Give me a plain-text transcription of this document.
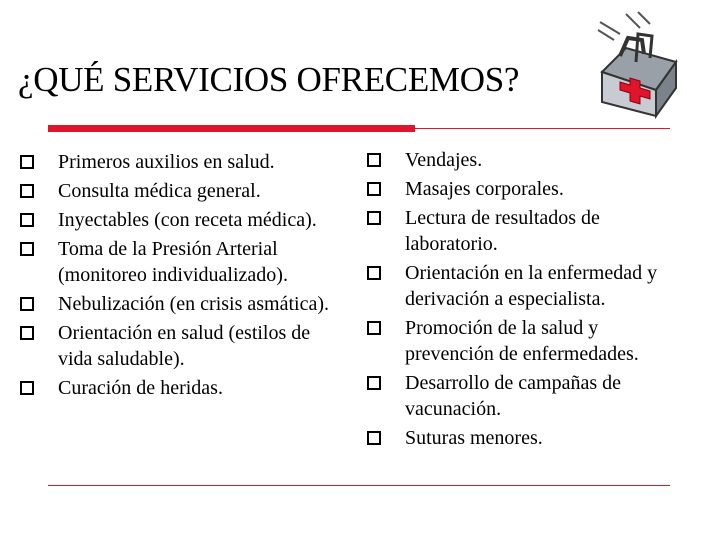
¿QUÉ SERVICIOS OFRECEMOS?
Primeros auxilios en salud.
Consulta médica general.
Inyectables (con receta médica).
Toma de la Presión Arterial (monitoreo individualizado).
Nebulización (en crisis asmática).
Orientación en salud (estilos de vida saludable).
Curación de heridas.
Vendajes.
Masajes corporales.
Lectura de resultados de laboratorio.
Orientación en la enfermedad y derivación a especialista.
Promoción de la salud y prevención de enfermedades.
Desarrollo de campañas de vacunación.
Suturas menores.
